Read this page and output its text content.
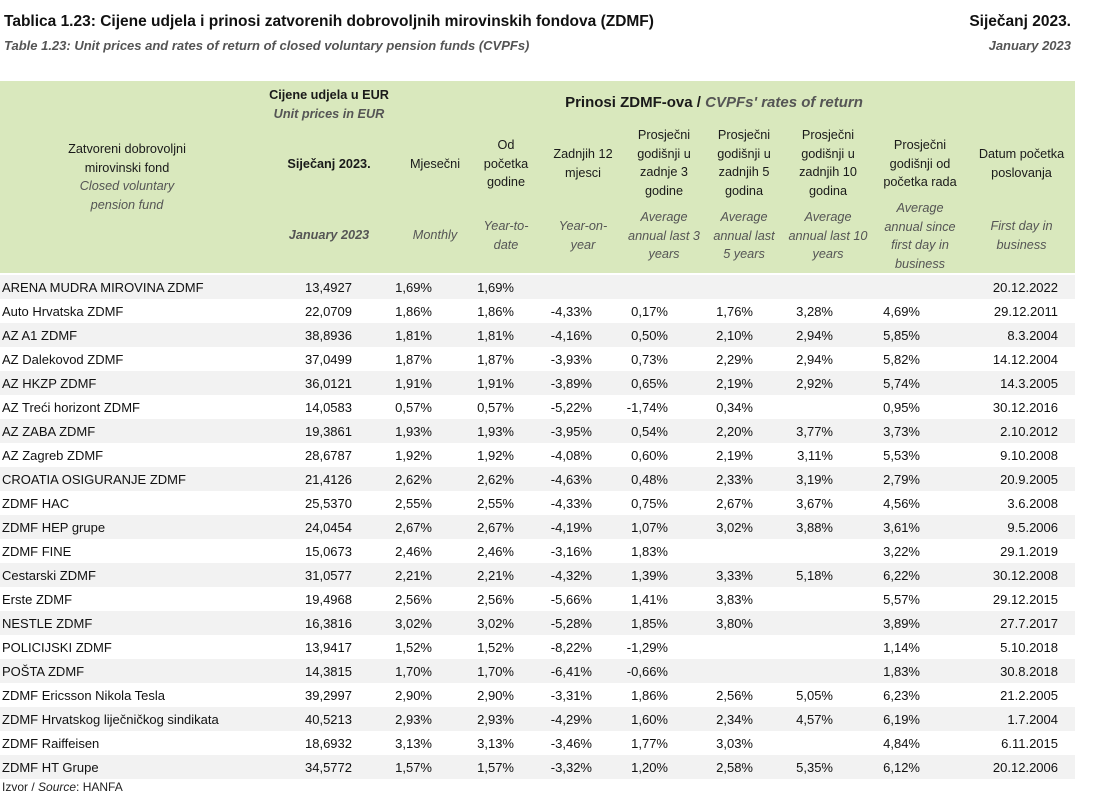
Tablica 1.23: Cijene udjela i prinosi zatvorenih dobrovoljnih mirovinskih fondova (ZDMF)
Table 1.23: Unit prices and rates of return of closed voluntary pension funds (CVPFs)
Siječanj 2023.
January 2023
Zatvoreni dobrovoljni
mirovinski fond
Closed voluntary
pension fund
Cijene udjela u EUR
Unit prices in EUR
Siječanj 2023.
January 2023
Prinosi ZDMF-ova / CVPFs' rates of return
Mjesečni
Monthly
Od
početka
godine
Year-to-
date
Zadnjih 12
mjesci
Year-on-
year
Prosječni
godišnji u
zadnje 3
godine
Average
annual last 3
years
Prosječni
godišnji u
zadnjih 5
godina
Average
annual last
5 years
Prosječni
godišnji u
zadnjih 10
godina
Average
annual last 10
years
Prosječni
godišnji od
početka rada
Average
annual since
first day in
business
Datum početka
poslovanja
First day in
business
ARENA MUDRA MIROVINA ZDMF	13,4927	1,69%	1,69%						20.12.2022
Auto Hrvatska ZDMF	22,0709	1,86%	1,86%	-4,33%	0,17%	1,76%	3,28%	4,69%	29.12.2011
AZ A1 ZDMF	38,8936	1,81%	1,81%	-4,16%	0,50%	2,10%	2,94%	5,85%	8.3.2004
AZ Dalekovod ZDMF	37,0499	1,87%	1,87%	-3,93%	0,73%	2,29%	2,94%	5,82%	14.12.2004
AZ HKZP ZDMF	36,0121	1,91%	1,91%	-3,89%	0,65%	2,19%	2,92%	5,74%	14.3.2005
AZ Treći horizont ZDMF	14,0583	0,57%	0,57%	-5,22%	-1,74%	0,34%		0,95%	30.12.2016
AZ ZABA ZDMF	19,3861	1,93%	1,93%	-3,95%	0,54%	2,20%	3,77%	3,73%	2.10.2012
AZ Zagreb ZDMF	28,6787	1,92%	1,92%	-4,08%	0,60%	2,19%	3,11%	5,53%	9.10.2008
CROATIA OSIGURANJE ZDMF	21,4126	2,62%	2,62%	-4,63%	0,48%	2,33%	3,19%	2,79%	20.9.2005
ZDMF HAC	25,5370	2,55%	2,55%	-4,33%	0,75%	2,67%	3,67%	4,56%	3.6.2008
ZDMF HEP grupe	24,0454	2,67%	2,67%	-4,19%	1,07%	3,02%	3,88%	3,61%	9.5.2006
ZDMF FINE	15,0673	2,46%	2,46%	-3,16%	1,83%			3,22%	29.1.2019
Cestarski ZDMF	31,0577	2,21%	2,21%	-4,32%	1,39%	3,33%	5,18%	6,22%	30.12.2008
Erste ZDMF	19,4968	2,56%	2,56%	-5,66%	1,41%	3,83%		5,57%	29.12.2015
NESTLE ZDMF	16,3816	3,02%	3,02%	-5,28%	1,85%	3,80%		3,89%	27.7.2017
POLICIJSKI ZDMF	13,9417	1,52%	1,52%	-8,22%	-1,29%			1,14%	5.10.2018
POŠTA ZDMF	14,3815	1,70%	1,70%	-6,41%	-0,66%			1,83%	30.8.2018
ZDMF Ericsson Nikola Tesla	39,2997	2,90%	2,90%	-3,31%	1,86%	2,56%	5,05%	6,23%	21.2.2005
ZDMF Hrvatskog liječničkog sindikata	40,5213	2,93%	2,93%	-4,29%	1,60%	2,34%	4,57%	6,19%	1.7.2004
ZDMF Raiffeisen	18,6932	3,13%	3,13%	-3,46%	1,77%	3,03%		4,84%	6.11.2015
ZDMF HT Grupe	34,5772	1,57%	1,57%	-3,32%	1,20%	2,58%	5,35%	6,12%	20.12.2006
Izvor / Source: HANFA
